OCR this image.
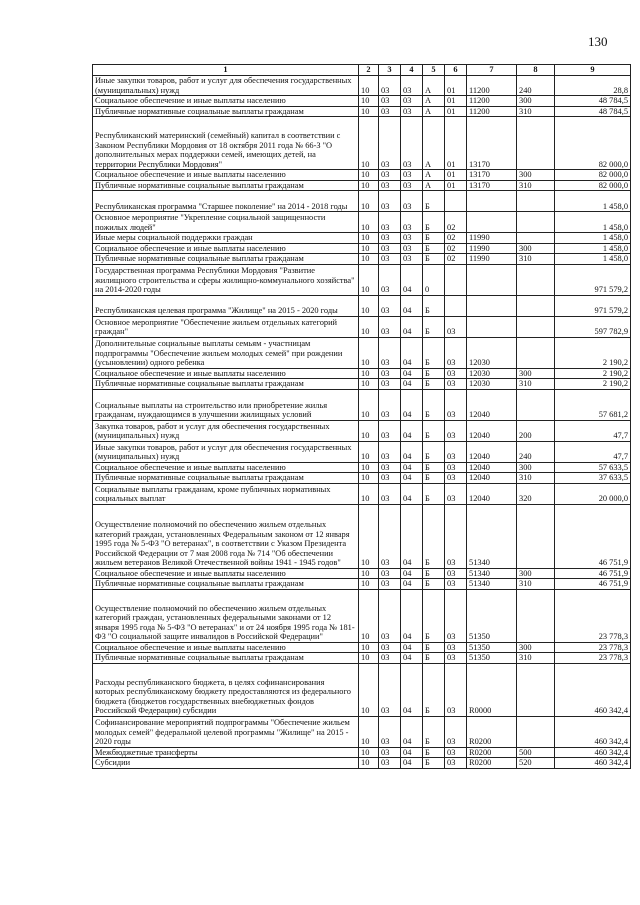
130
1	2	3	4	5	6	7	8	9
Иные закупки товаров, работ и услуг для обеспечения государственных (муниципальных) нужд	10	03	03	А	01	11200	240	28,8
Социальное обеспечение и иные выплаты населению	10	03	03	А	01	11200	300	48 784,5
Публичные нормативные социальные выплаты гражданам	10	03	03	А	01	11200	310	48 784,5
Республиканский материнский (семейный) капитал в соответствии с Законом Республики Мордовия от 18 октября 2011 года № 66-З "О дополнительных мерах поддержки семей, имеющих детей, на территории Республики Мордовия"	10	03	03	А	01	13170		82 000,0
Социальное обеспечение и иные выплаты населению	10	03	03	А	01	13170	300	82 000,0
Публичные нормативные социальные выплаты гражданам	10	03	03	А	01	13170	310	82 000,0
Республиканская программа "Старшее поколение" на 2014 - 2018 годы	10	03	03	Б				1 458,0
Основное мероприятие "Укрепление социальной защищенности пожилых людей"	10	03	03	Б	02			1 458,0
Иные меры социальной поддержки граждан	10	03	03	Б	02	11990		1 458,0
Социальное обеспечение и иные выплаты населению	10	03	03	Б	02	11990	300	1 458,0
Публичные нормативные социальные выплаты гражданам	10	03	03	Б	02	11990	310	1 458,0
Государственная программа Республики Мордовия "Развитие жилищного строительства и сферы жилищно-коммунального хозяйства" на 2014-2020 годы	10	03	04	0				971 579,2
Республиканская целевая программа "Жилище" на 2015 - 2020 годы	10	03	04	Б				971 579,2
Основное мероприятие "Обеспечение жильем отдельных категорий граждан"	10	03	04	Б	03			597 782,9
Дополнительные социальные выплаты семьям - участницам подпрограммы "Обеспечение жильем молодых семей" при рождении (усыновлении) одного ребенка	10	03	04	Б	03	12030		2 190,2
Социальное обеспечение и иные выплаты населению	10	03	04	Б	03	12030	300	2 190,2
Публичные нормативные социальные выплаты гражданам	10	03	04	Б	03	12030	310	2 190,2
Социальные выплаты на строительство или приобретение жилья гражданам, нуждающимся в улучшении жилищных условий	10	03	04	Б	03	12040		57 681,2
Закупка товаров, работ и услуг для обеспечения государственных (муниципальных) нужд	10	03	04	Б	03	12040	200	47,7
Иные закупки товаров, работ и услуг для обеспечения государственных (муниципальных) нужд	10	03	04	Б	03	12040	240	47,7
Социальное обеспечение и иные выплаты населению	10	03	04	Б	03	12040	300	57 633,5
Публичные нормативные социальные выплаты гражданам	10	03	04	Б	03	12040	310	37 633,5
Социальные выплаты гражданам, кроме публичных нормативных социальных выплат	10	03	04	Б	03	12040	320	20 000,0
Осуществление полномочий по обеспечению жильем отдельных категорий граждан, установленных Федеральным законом от 12 января 1995 года № 5-ФЗ "О ветеранах", в соответствии с Указом Президента Российской Федерации от 7 мая 2008 года № 714 "Об обеспечении жильем ветеранов Великой Отечественной войны 1941 - 1945 годов"	10	03	04	Б	03	51340		46 751,9
Социальное обеспечение и иные выплаты населению	10	03	04	Б	03	51340	300	46 751,9
Публичные нормативные социальные выплаты гражданам	10	03	04	Б	03	51340	310	46 751,9
Осуществление полномочий по обеспечению жильем отдельных категорий граждан, установленных федеральными законами от 12 января 1995 года № 5-ФЗ "О ветеранах" и от 24 ноября 1995 года № 181-ФЗ "О социальной защите инвалидов в Российской Федерации"	10	03	04	Б	03	51350		23 778,3
Социальное обеспечение и иные выплаты населению	10	03	04	Б	03	51350	300	23 778,3
Публичные нормативные социальные выплаты гражданам	10	03	04	Б	03	51350	310	23 778,3
Расходы республиканского бюджета, в целях софинансирования которых республиканскому бюджету предоставляются из федерального бюджета (бюджетов государственных внебюджетных фондов Российской Федерации) субсидии	10	03	04	Б	03	R0000		460 342,4
Софинансирование мероприятий подпрограммы "Обеспечение жильем молодых семей" федеральной целевой программы "Жилище" на 2015 - 2020 годы	10	03	04	Б	03	R0200		460 342,4
Межбюджетные трансферты	10	03	04	Б	03	R0200	500	460 342,4
Субсидии	10	03	04	Б	03	R0200	520	460 342,4
